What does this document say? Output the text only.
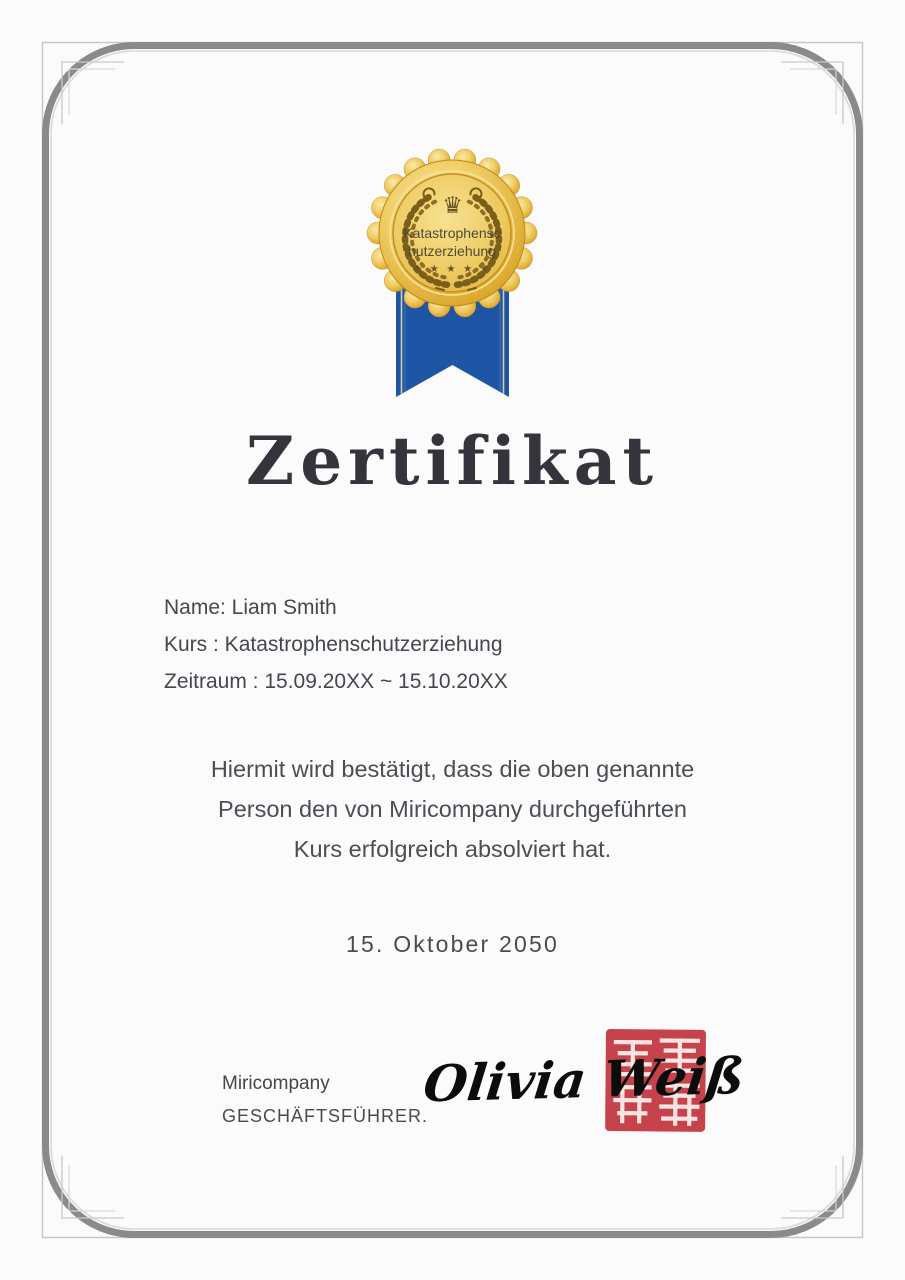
♛
Katastrophensc
hutzerziehung
★ ★ ★ ★ ★
Zertifikat
Name: Liam Smith
Kurs : Katastrophenschutzerziehung
Zeitraum : 15.09.20XX ~ 15.10.20XX
Hiermit wird bestätigt, dass die oben genannte
Person den von Miricompany durchgeführten
Kurs erfolgreich absolviert hat.
15. Oktober 2050
Miricompany
GESCHÄFTSFÜHRER.
Olivia Weiß
